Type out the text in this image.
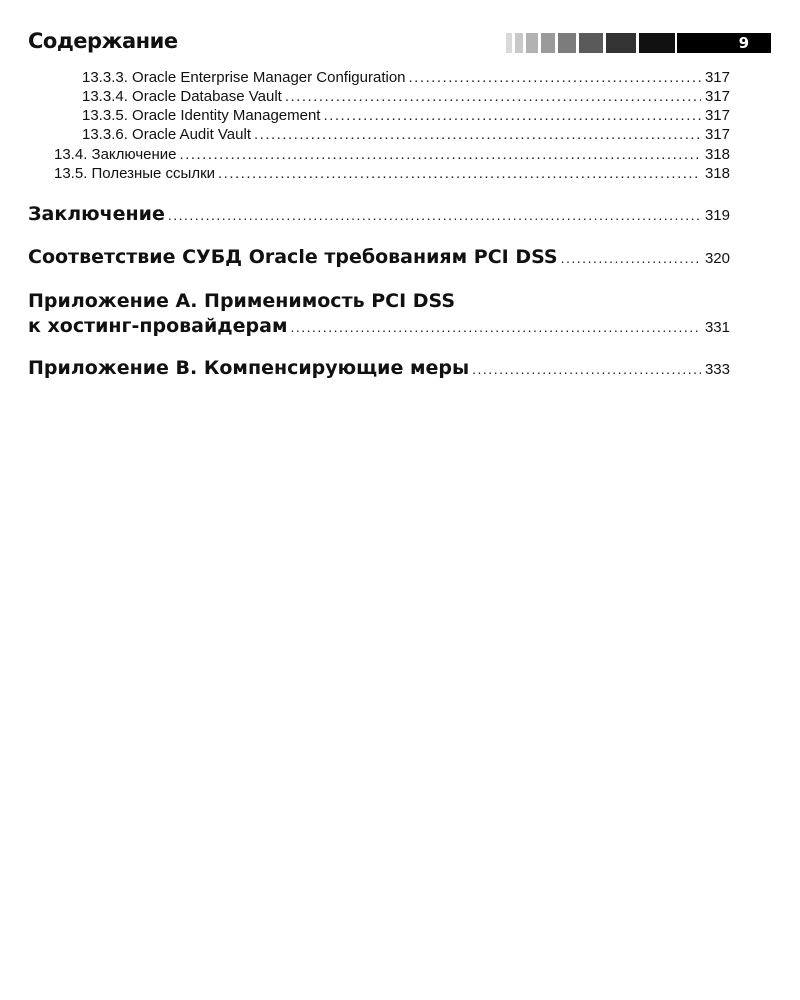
Содержание	9
13.3.3. Oracle Enterprise Manager Configuration .....	317
13.3.4. Oracle Database Vault .....	317
13.3.5. Oracle Identity Management .....	317
13.3.6. Oracle Audit Vault .....	317
13.4. Заключение .....	318
13.5. Полезные ссылки .....	318
Заключение .....	319
Соответствие СУБД Oracle требованиям PCI DSS .....	320
Приложение А. Применимость PCI DSS
к хостинг-провайдерам .....	331
Приложение B. Компенсирующие меры .....	333
